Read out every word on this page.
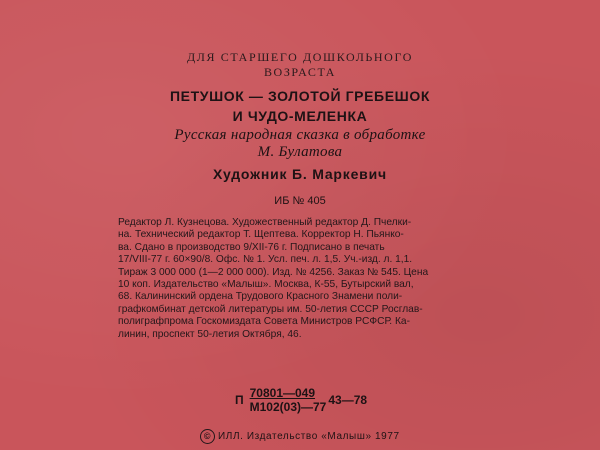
ДЛЯ СТАРШЕГО ДОШКОЛЬНОГО
ВОЗРАСТА
ПЕТУШОК — ЗОЛОТОЙ ГРЕБЕШОК
И ЧУДО-МЕЛЕНКА
Русская народная сказка в обработке
М. Булатова
Художник Б. Маркевич
ИБ № 405
Редактор Л. Кузнецова. Художественный редактор Д. Пчелки-
на. Технический редактор Т. Щептева. Корректор Н. Пьянко-
ва. Сдано в производство 9/XII-76 г. Подписано в печать
17/VIII-77 г. 60×90/8. Офс. № 1. Усл. печ. л. 1,5. Уч.-изд. л. 1,1.
Тираж 3 000 000 (1—2 000 000). Изд. № 4256. Заказ № 545. Цена
10 коп. Издательство «Малыш». Москва, К-55, Бутырский вал,
68. Калининский ордена Трудового Красного Знамени поли-
графкомбинат детской литературы им. 50-летия СССР Росглав-
полиграфпрома Госкомиздата Совета Министров РСФСР. Ка-
линин, проспект 50-летия Октября, 46.
П $\frac{70801—049}{М102(03)—77}$ 43—78
© ИЛЛ. Издательство «Малыш» 1977
